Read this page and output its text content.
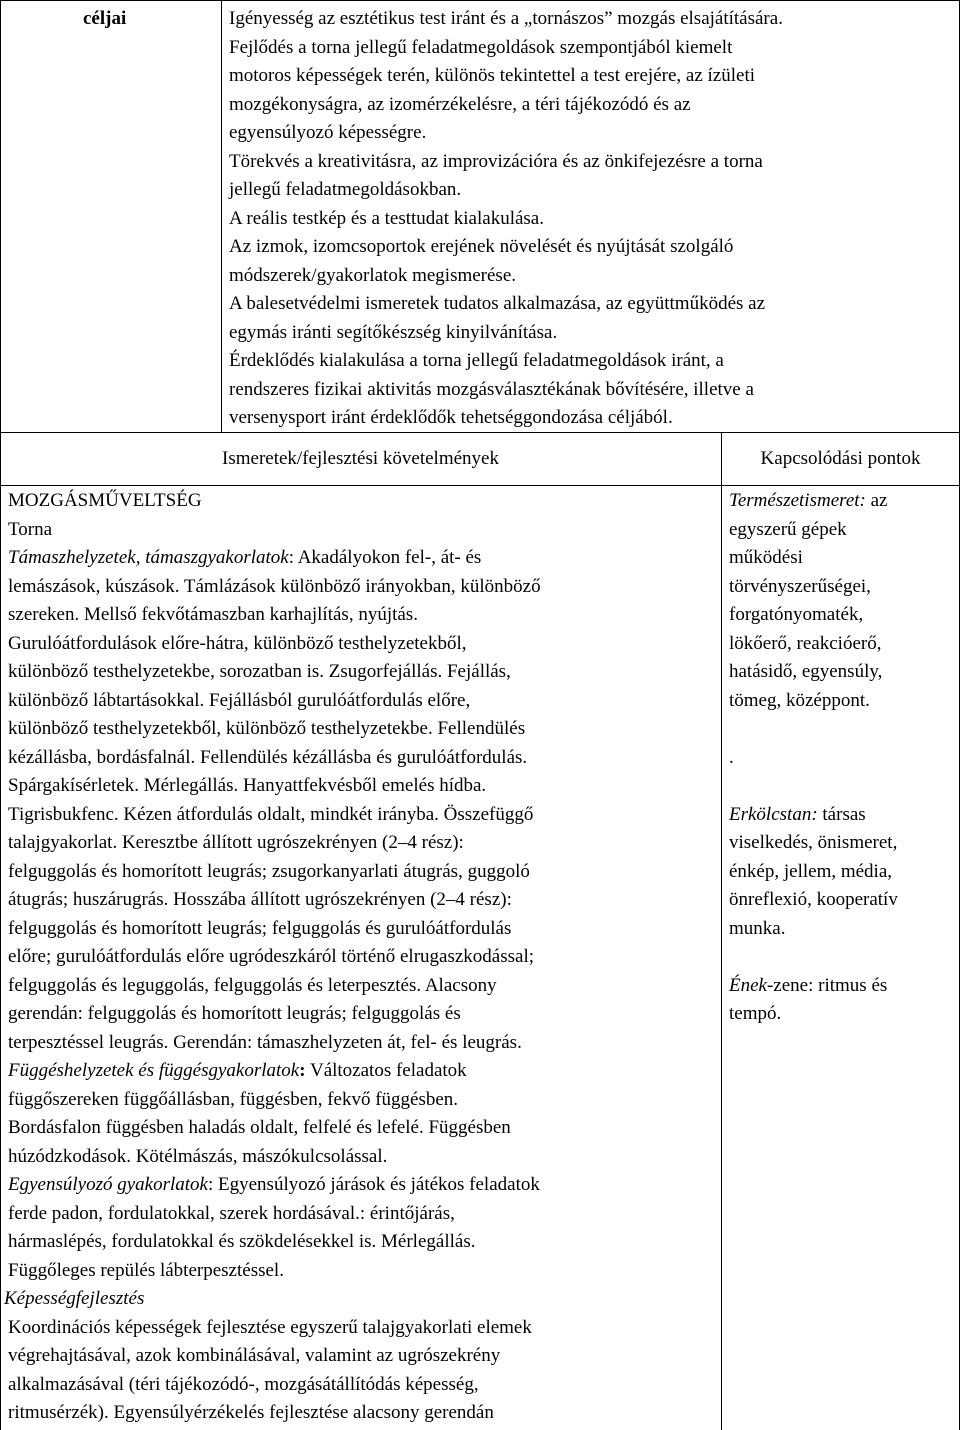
céljai	Igényesség az esztétikus test iránt és a „tornászos” mozgás elsajátítására.
Fejlődés a torna jellegű feladatmegoldások szempontjából kiemelt
motoros képességek terén, különös tekintettel a test erejére, az ízületi
mozgékonyságra, az izomérzékelésre, a téri tájékozódó és az
egyensúlyozó képességre.
Törekvés a kreativitásra, az improvizációra és az önkifejezésre a torna
jellegű feladatmegoldásokban.
A reális testkép és a testtudat kialakulása.
Az izmok, izomcsoportok erejének növelését és nyújtását szolgáló
módszerek/gyakorlatok megismerése.
A balesetvédelmi ismeretek tudatos alkalmazása, az együttműködés az
egymás iránti segítőkészség kinyilvánítása.
Érdeklődés kialakulása a torna jellegű feladatmegoldások iránt, a
rendszeres fizikai aktivitás mozgásválasztékának bővítésére, illetve a
versenysport iránt érdeklődők tehetséggondozása céljából.
Ismeretek/fejlesztési követelmények	Kapcsolódási pontok
MOZGÁSMŰVELTSÉG
Torna
Támaszhelyzetek, támaszgyakorlatok: Akadályokon fel-, át- és
lemászások, kúszások. Támlázások különböző irányokban, különböző
szereken. Mellső fekvőtámaszban karhajlítás, nyújtás.
Gurulóátfordulások előre-hátra, különböző testhelyzetekből,
különböző testhelyzetekbe, sorozatban is. Zsugorfejállás. Fejállás,
különböző lábtartásokkal. Fejállásból gurulóátfordulás előre,
különböző testhelyzetekből, különböző testhelyzetekbe. Fellendülés
kézállásba, bordásfalnál. Fellendülés kézállásba és gurulóátfordulás.
Spárgakísérletek. Mérlegállás. Hanyattfekvésből emelés hídba.
Tigrisbukfenc. Kézen átfordulás oldalt, mindkét irányba. Összefüggő
talajgyakorlat. Keresztbe állított ugrószekrényen (2–4 rész):
felguggolás és homorított leugrás; zsugorkanyarlati átugrás, guggoló
átugrás; huszárugrás. Hosszába állított ugrószekrényen (2–4 rész):
felguggolás és homorított leugrás; felguggolás és gurulóátfordulás
előre; gurulóátfordulás előre ugródeszkáról történő elrugaszkodással;
felguggolás és leguggolás, felguggolás és leterpesztés. Alacsony
gerendán: felguggolás és homorított leugrás; felguggolás és
terpesztéssel leugrás. Gerendán: támaszhelyzeten át, fel- és leugrás.
Függéshelyzetek és függésgyakorlatok: Változatos feladatok
függőszereken függőállásban, függésben, fekvő függésben.
Bordásfalon függésben haladás oldalt, felfelé és lefelé. Függésben
húzódzkodások. Kötélmászás, mászókulcsolással.
Egyensúlyozó gyakorlatok: Egyensúlyozó járások és játékos feladatok
ferde padon, fordulatokkal, szerek hordásával.: érintőjárás,
hármaslépés, fordulatokkal és szökdelésekkel is. Mérlegállás.
Függőleges repülés lábterpesztéssel.
Képességfejlesztés
Koordinációs képességek fejlesztése egyszerű talajgyakorlati elemek
végrehajtásával, azok kombinálásával, valamint az ugrószekrény
alkalmazásával (téri tájékozódó-, mozgásátállítódás képesség,
ritmusérzék). Egyensúlyérzékelés fejlesztése alacsony gerendán
Természetismeret: az
egyszerű gépek
működési
törvényszerűségei,
forgatónyomaték,
lökőerő, reakcióerő,
hatásidő, egyensúly,
tömeg, középpont.
.
Erkölcstan: társas
viselkedés, önismeret,
énkép, jellem, média,
önreflexió, kooperatív
munka.
Ének-zene: ritmus és
tempó.
